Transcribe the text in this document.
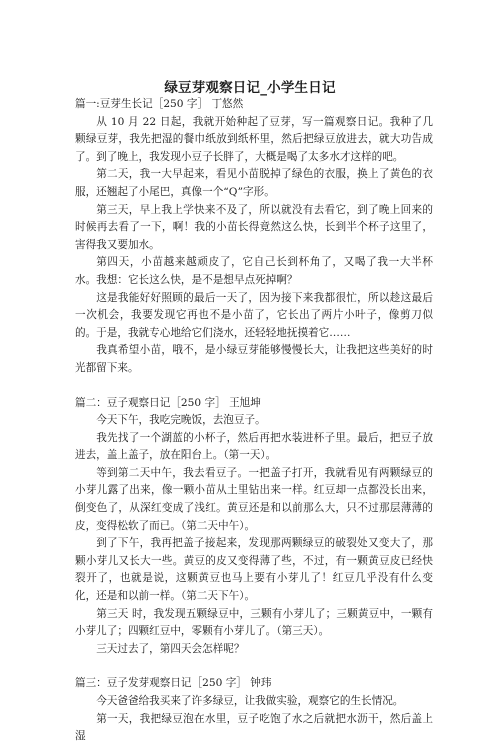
绿豆芽观察日记_小学生日记

篇一:豆芽生长记［250 字］ 丁悠然

从 10 月 22 日起，我就开始种起了豆芽，写一篇观察日记。我种了几颗绿豆芽，我先把湿的餐巾纸放到纸杯里，然后把绿豆放进去，就大功告成了。到了晚上，我发现小豆子长胖了，大概是喝了太多水才这样的吧。

第二天，我一大早起来，看见小苗脱掉了绿色的衣服，换上了黄色的衣服，还翘起了小尾巴，真像一个“Q”字形。

第三天，早上我上学快来不及了，所以就没有去看它，到了晚上回来的时候再去看了一下，啊！我的小苗长得竟然这么快，长到半个杯子这里了，害得我又要加水。

第四天，小苗越来越顽皮了，它自己长到杯角了，又喝了我一大半杯水。我想：它长这么快，是不是想早点死掉啊？

这是我能好好照顾的最后一天了，因为接下来我都很忙，所以趁这最后一次机会，我要发现它再也不是小苗了，它长出了两片小叶子，像剪刀似的。于是，我就专心地给它们浇水，还轻轻地抚摸着它……

我真希望小苗，哦不，是小绿豆芽能够慢慢长大，让我把这些美好的时光都留下来。

篇二：豆子观察日记［250 字］ 王旭坤

今天下午，我吃完晚饭，去泡豆子。

我先找了一个湖蓝的小杯子，然后再把水装进杯子里。最后，把豆子放进去，盖上盖子，放在阳台上。（第一天）。

等到第二天中午，我去看豆子。一把盖子打开，我就看见有两颗绿豆的小芽儿露了出来，像一颗小苗从土里钻出来一样。红豆却一点都没长出来，倒变色了，从深红变成了浅红。黄豆还是和以前那么大，只不过那层薄薄的皮，变得松软了而已。（第二天中午）。

到了下午，我再把盖子接起来，发现那两颗绿豆的破裂处又变大了，那颗小芽儿又长大一些。黄豆的皮又变得薄了些，不过，有一颗黄豆皮已经快裂开了，也就是说，这颗黄豆也马上要有小芽儿了！红豆几乎没有什么变化，还是和以前一样。（第二天下午）。

第三天 时，我发现五颗绿豆中，三颗有小芽儿了；三颗黄豆中，一颗有小芽儿了；四颗红豆中，零颗有小芽儿了。（第三天）。

三天过去了，第四天会怎样呢？

篇三：豆子发芽观察日记［250 字］ 钟玮

今天爸爸给我买来了许多绿豆，让我做实验，观察它的生长情况。

第一天，我把绿豆泡在水里，豆子吃饱了水之后就把水沥干，然后盖上湿
